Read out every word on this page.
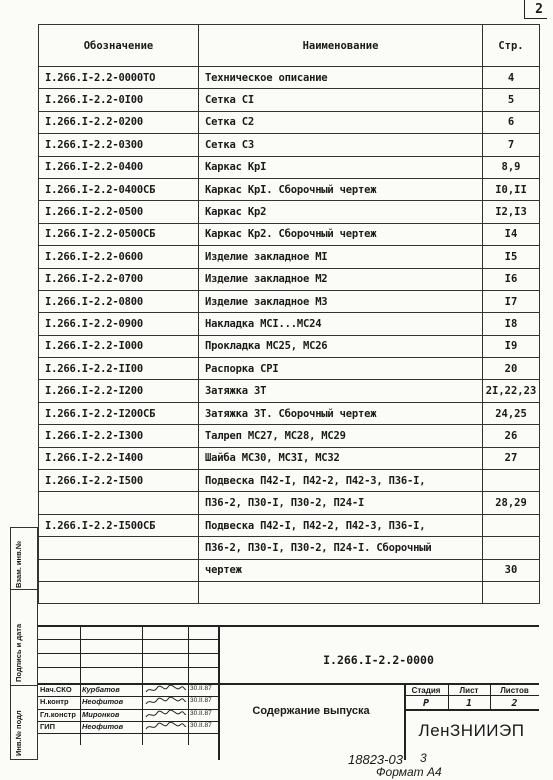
2
Обозначение	Наименование	Стр.
I.266.I-2.2-0000ТО	Техническое описание	4
I.266.I-2.2-0I00	Сетка СI	5
I.266.I-2.2-0200	Сетка С2	6
I.266.I-2.2-0300	Сетка С3	7
I.266.I-2.2-0400	Каркас КрI	8,9
I.266.I-2.2-0400СБ	Каркас КрI. Сборочный чертеж	I0,II
I.266.I-2.2-0500	Каркас Кр2	I2,I3
I.266.I-2.2-0500СБ	Каркас Кр2. Сборочный чертеж	I4
I.266.I-2.2-0600	Изделие закладное МI	I5
I.266.I-2.2-0700	Изделие закладное М2	I6
I.266.I-2.2-0800	Изделие закладное М3	I7
I.266.I-2.2-0900	Накладка МСI...МС24	I8
I.266.I-2.2-I000	Прокладка МС25, МС26	I9
I.266.I-2.2-II00	Распорка СРI	20
I.266.I-2.2-I200	Затяжка ЗТ	2I,22,23
I.266.I-2.2-I200СБ	Затяжка ЗТ. Сборочный чертеж	24,25
I.266.I-2.2-I300	Талреп МС27, МС28, МС29	26
I.266.I-2.2-I400	Шайба МС30, МС3I, МС32	27
I.266.I-2.2-I500	Подвеска П42-I, П42-2, П42-3, П36-I,	
	П36-2, П30-I, П30-2, П24-I	28,29
I.266.I-2.2-I500СБ	Подвеска П42-I, П42-2, П42-3, П36-I,	
	П36-2, П30-I, П30-2, П24-I. Сборочный	
	чертеж	30

Взам. инв.№
Подпись и дата
Инв.№ подл
I.266.I-2.2-0000
Содержание выпуска
Стадия	Лист	Листов
Р	1	2
ЛенЗНИИЭП
Нач.СКО	Курбатов	30.II.87
Н.контр	Неофитов	30.II.87
Гл.констр Миронков	30.II.87
ГИП	Неофитов	30.II.87
18823-03 3
Формат А4
